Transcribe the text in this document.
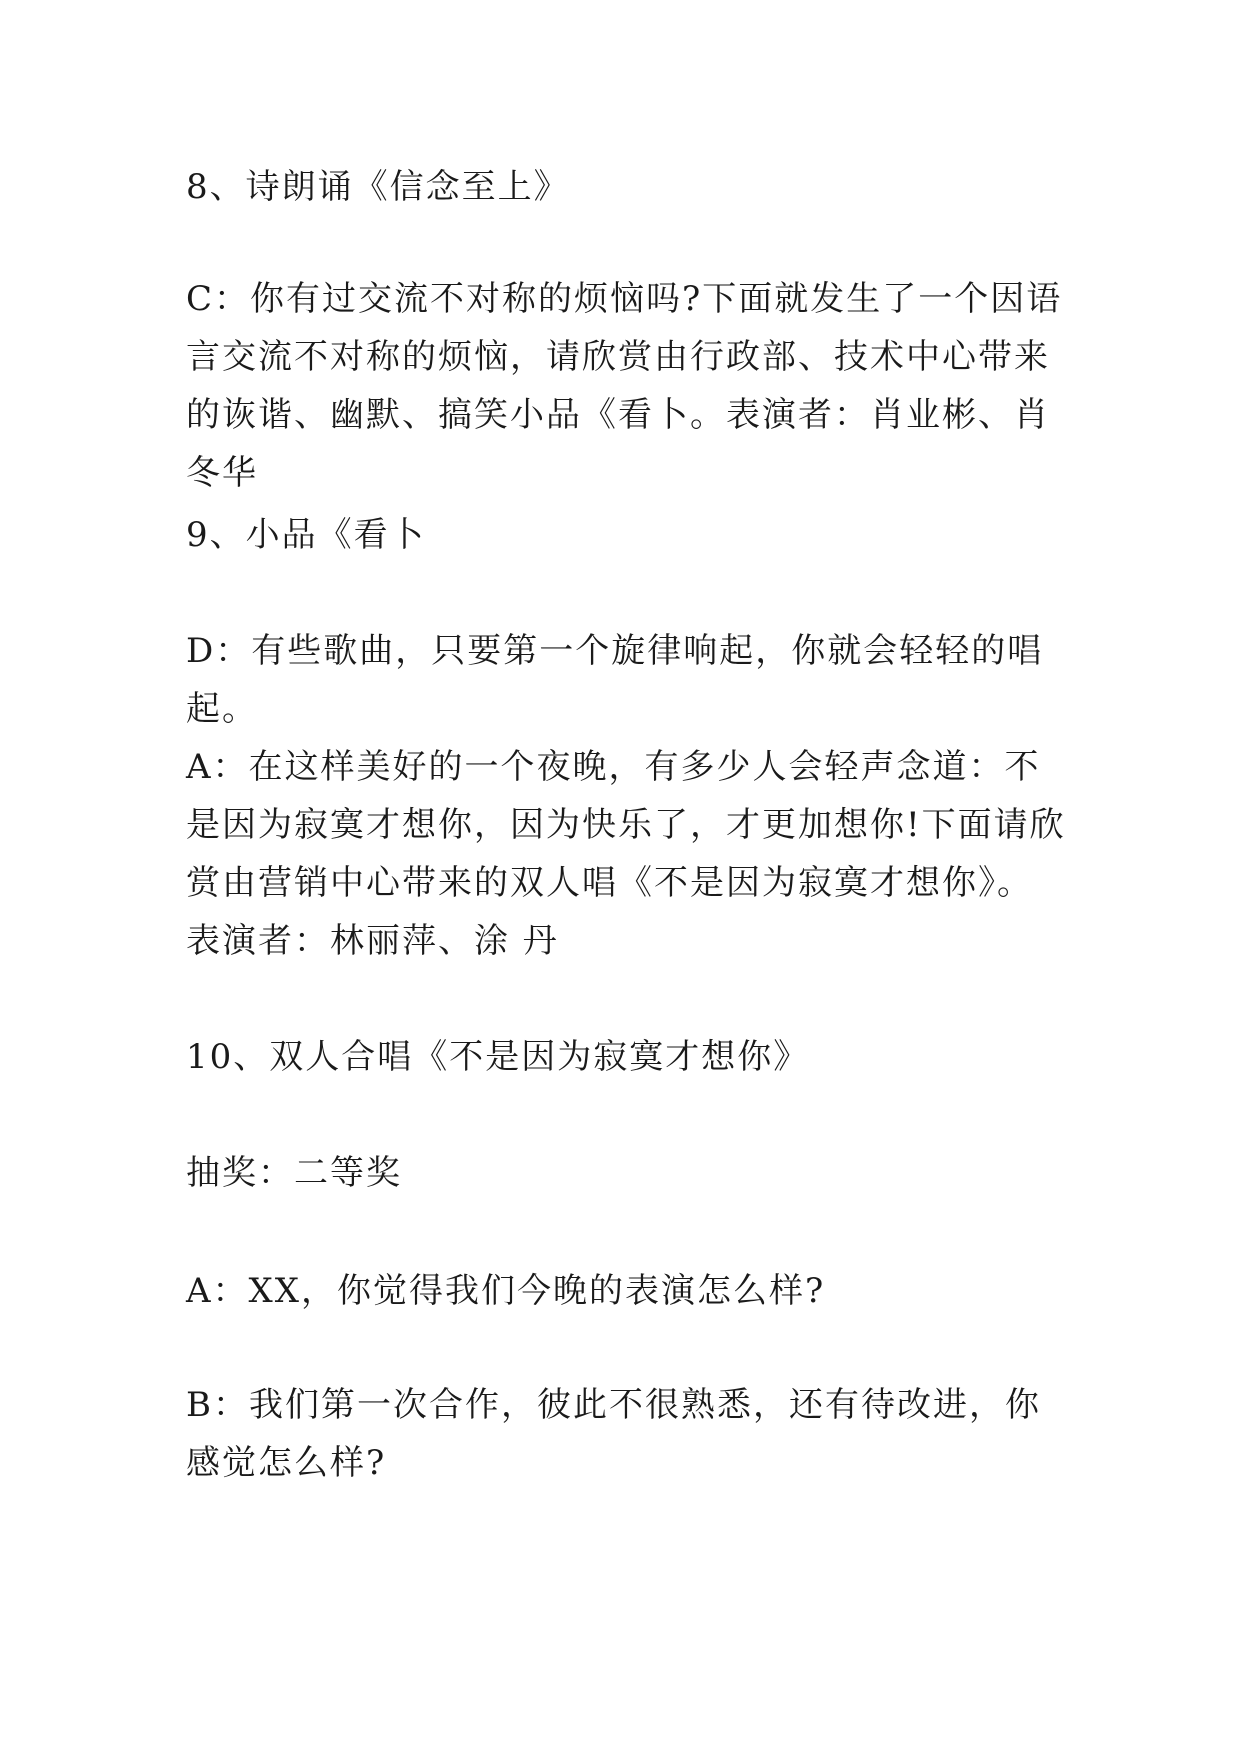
8、诗朗诵《信念至上》

C：你有过交流不对称的烦恼吗?下面就发生了一个因语言交流不对称的烦恼，请欣赏由行政部、技术中心带来的诙谐、幽默、搞笑小品《看卜。表演者：肖业彬、肖冬华

9、小品《看卜

D：有些歌曲，只要第一个旋律响起，你就会轻轻的唱起。

A：在这样美好的一个夜晚，有多少人会轻声念道：不是因为寂寞才想你，因为快乐了，才更加想你!下面请欣赏由营销中心带来的双人唱《不是因为寂寞才想你》。表演者：林丽萍、涂 丹

10、双人合唱《不是因为寂寞才想你》

抽奖：二等奖

A：XX，你觉得我们今晚的表演怎么样?

B：我们第一次合作，彼此不很熟悉，还有待改进，你感觉怎么样?
